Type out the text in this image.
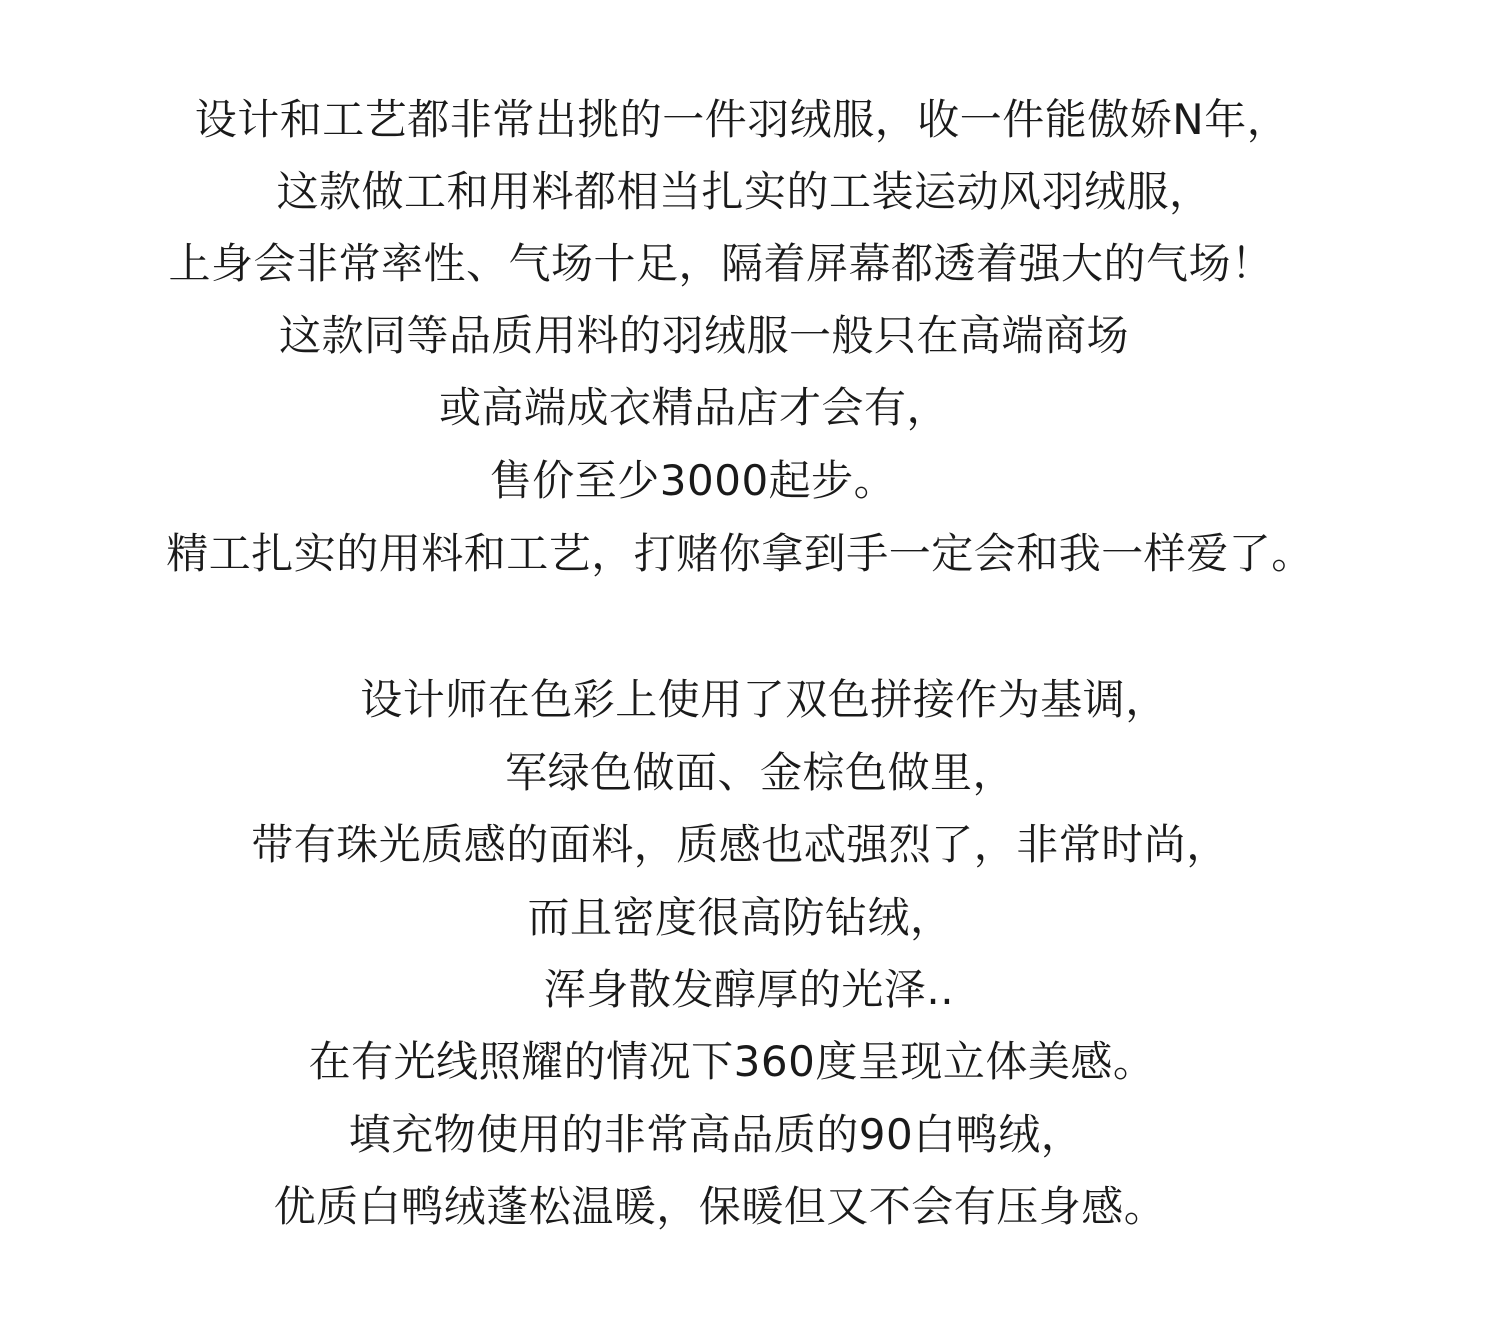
设计和工艺都非常出挑的一件羽绒服，收一件能傲娇N年，
这款做工和用料都相当扎实的工装运动风羽绒服，
上身会非常率性、气场十足，隔着屏幕都透着强大的气场！
这款同等品质用料的羽绒服一般只在高端商场
或高端成衣精品店才会有，
售价至少3000起步。
精工扎实的用料和工艺，打赌你拿到手一定会和我一样爱了。
设计师在色彩上使用了双色拼接作为基调，
军绿色做面、金棕色做里，
带有珠光质感的面料，质感也忒强烈了，非常时尚，
而且密度很高防钻绒，
浑身散发醇厚的光泽..
在有光线照耀的情况下360度呈现立体美感。
填充物使用的非常高品质的90白鸭绒，
优质白鸭绒蓬松温暖，保暖但又不会有压身感。
